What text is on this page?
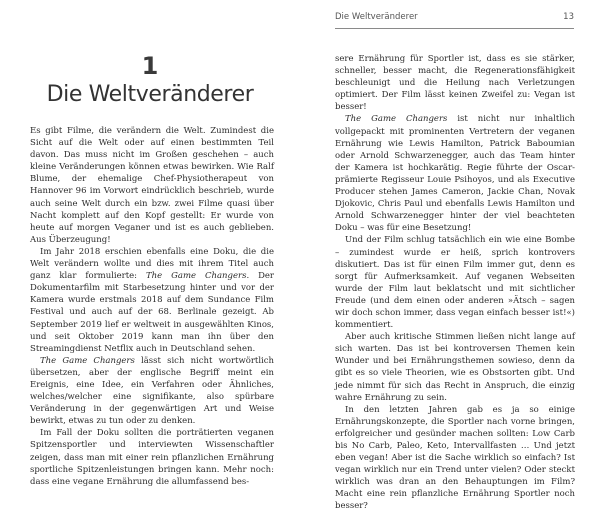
1
Die Weltveränderer

Es gibt Filme, die verändern die Welt. Zumindest die Sicht auf die Welt oder auf einen bestimmten Teil davon. Das muss nicht im Großen geschehen – auch kleine Veränderungen können etwas bewirken. Wie Ralf Blume, der ehemalige Chef-Physiotherapeut von Hannover 96 im Vorwort eindrücklich beschrieb, wurde auch seine Welt durch ein bzw. zwei Filme quasi über Nacht komplett auf den Kopf gestellt: Er wurde von heute auf morgen Veganer und ist es auch geblieben. Aus Überzeugung!

Im Jahr 2018 erschien ebenfalls eine Doku, die die Welt verändern wollte und dies mit ihrem Titel auch ganz klar formulierte: The Game Changers. Der Dokumentarfilm mit Starbesetzung hinter und vor der Kamera wurde erstmals 2018 auf dem Sundance Film Festival und auch auf der 68. Berlinale gezeigt. Ab September 2019 lief er weltweit in ausgewählten Kinos, und seit Oktober 2019 kann man ihn über den Streamingdienst Netflix auch in Deutschland sehen.

The Game Changers lässt sich nicht wortwörtlich übersetzen, aber der englische Begriff meint ein Ereignis, eine Idee, ein Verfahren oder Ähnliches, welches/welcher eine signifikante, also spürbare Veränderung in der gegenwärtigen Art und Weise bewirkt, etwas zu tun oder zu denken.

Im Fall der Doku sollten die porträtierten veganen Spitzensportler und interviewten Wissenschaftler zeigen, dass man mit einer rein pflanzlichen Ernährung sportliche Spitzenleistungen bringen kann. Mehr noch: dass eine vegane Ernährung die allumfassend bes-

Die Weltveränderer	13

sere Ernährung für Sportler ist, dass es sie stärker, schneller, besser macht, die Regenerationsfähigkeit beschleunigt und die Heilung nach Verletzungen optimiert. Der Film lässt keinen Zweifel zu: Vegan ist besser!

The Game Changers ist nicht nur inhaltlich vollgepackt mit prominenten Vertretern der veganen Ernährung wie Lewis Hamilton, Patrick Baboumian oder Arnold Schwarzenegger, auch das Team hinter der Kamera ist hochkarätig. Regie führte der Oscar-prämierte Regisseur Louie Psihoyos, und als Executive Producer stehen James Cameron, Jackie Chan, Novak Djokovic, Chris Paul und ebenfalls Lewis Hamilton und Arnold Schwarzenegger hinter der viel beachteten Doku – was für eine Besetzung!

Und der Film schlug tatsächlich ein wie eine Bombe – zumindest wurde er heiß, sprich kontrovers diskutiert. Das ist für einen Film immer gut, denn es sorgt für Aufmerksamkeit. Auf veganen Webseiten wurde der Film laut beklatscht und mit sichtlicher Freude (und dem einen oder anderen »Ätsch – sagen wir doch schon immer, dass vegan einfach besser ist!«) kommentiert.

Aber auch kritische Stimmen ließen nicht lange auf sich warten. Das ist bei kontroversen Themen kein Wunder und bei Ernährungsthemen sowieso, denn da gibt es so viele Theorien, wie es Obstsorten gibt. Und jede nimmt für sich das Recht in Anspruch, die einzig wahre Ernährung zu sein.

In den letzten Jahren gab es ja so einige Ernährungskonzepte, die Sportler nach vorne bringen, erfolgreicher und gesünder machen sollten: Low Carb bis No Carb, Paleo, Keto, Intervallfasten … Und jetzt eben vegan! Aber ist die Sache wirklich so einfach? Ist vegan wirklich nur ein Trend unter vielen? Oder steckt wirklich was dran an den Behauptungen im Film? Macht eine rein pflanzliche Ernährung Sportler noch besser?
